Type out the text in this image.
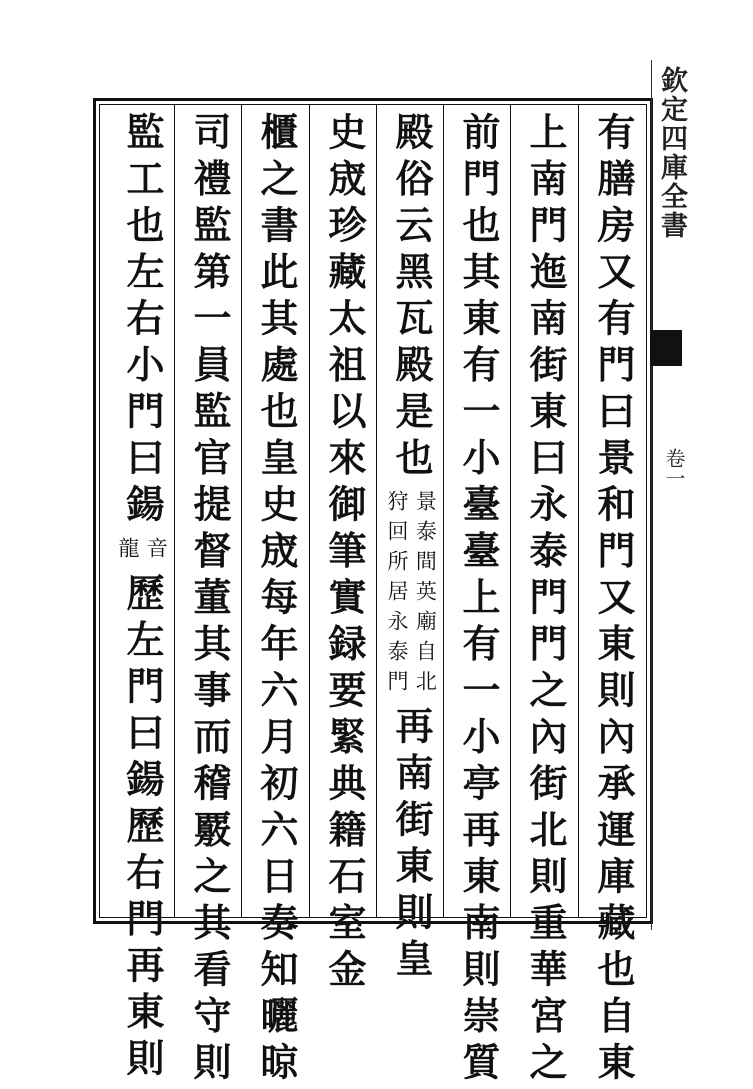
有膳房又有門曰景和門又東則內承運庫藏也自東
上南門迤南街東曰永泰門門之內街北則重華宮之
前門也其東有一小臺臺上有一小亭再東南則崇質
殿俗云黑瓦殿是也
景泰間英廟自北
狩回所居永泰門
再南街東則皇
史宬珍藏太祖以來御筆實録要緊典籍石室金
櫃之書此其處也皇史宬每年六月初六日奏知曬晾
司禮監第一員監官提督董其事而稽覈之其看守則
監工也左右小門曰鍚
音
龍
歷左門曰鍚歷右門再東則
欽定四庫全書
卷一
